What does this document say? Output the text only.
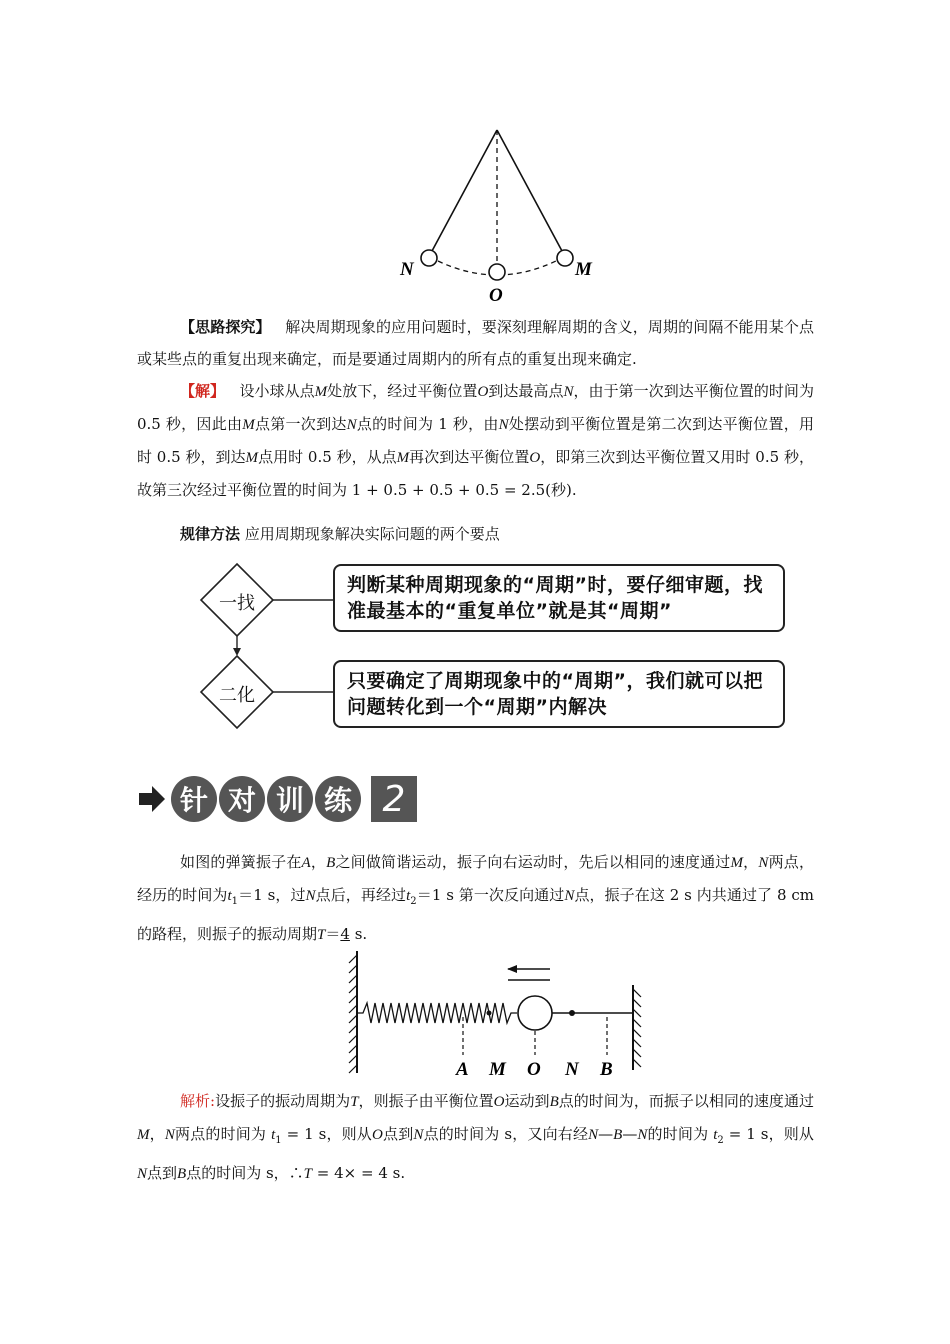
N	M
O
【思路探究】 解决周期现象的应用问题时，要深刻理解周期的含义，周期的间隔不能用某个点或某些点的重复出现来确定，而是要通过周期内的所有点的重复出现来确定.
【解】 设小球从点M处放下，经过平衡位置O到达最高点N，由于第一次到达平衡位置的时间为 0.5 秒，因此由M点第一次到达N点的时间为 1 秒，由N处摆动到平衡位置是第二次到达平衡位置，用时 0.5 秒，到达M点用时 0.5 秒，从点M再次到达平衡位置O，即第三次到达平衡位置又用时 0.5 秒，故第三次经过平衡位置的时间为 1 + 0.5 + 0.5 + 0.5 = 2.5(秒).
规律方法 应用周期现象解决实际问题的两个要点
一找
二化
判断某种周期现象的“周期”时，要仔细审题，找准最基本的“重复单位”就是其“周期”
只要确定了周期现象中的“周期”，我们就可以把问题转化到一个“周期”内解决
针 对 训 练 2
如图的弹簧振子在A，B之间做简谐运动，振子向右运动时，先后以相同的速度通过M，N两点，经历的时间为$t_1=1$ s，过N点后，再经过$t_2=1$ s 第一次反向通过N点，振子在这 2 s 内共通过了 8 cm 的路程，则振子的振动周期T＝4 s.
A M O N B
解析:设振子的振动周期为T，则振子由平衡位置O运动到B点的时间为，而振子以相同的速度通过M，N两点的时间为 $t_1 = 1$ s，则从O点到N点的时间为 s，又向右经N—B—N的时间为 $t_2 = 1$ s，则从N点到B点的时间为 s，∴T = 4× = 4 s.
